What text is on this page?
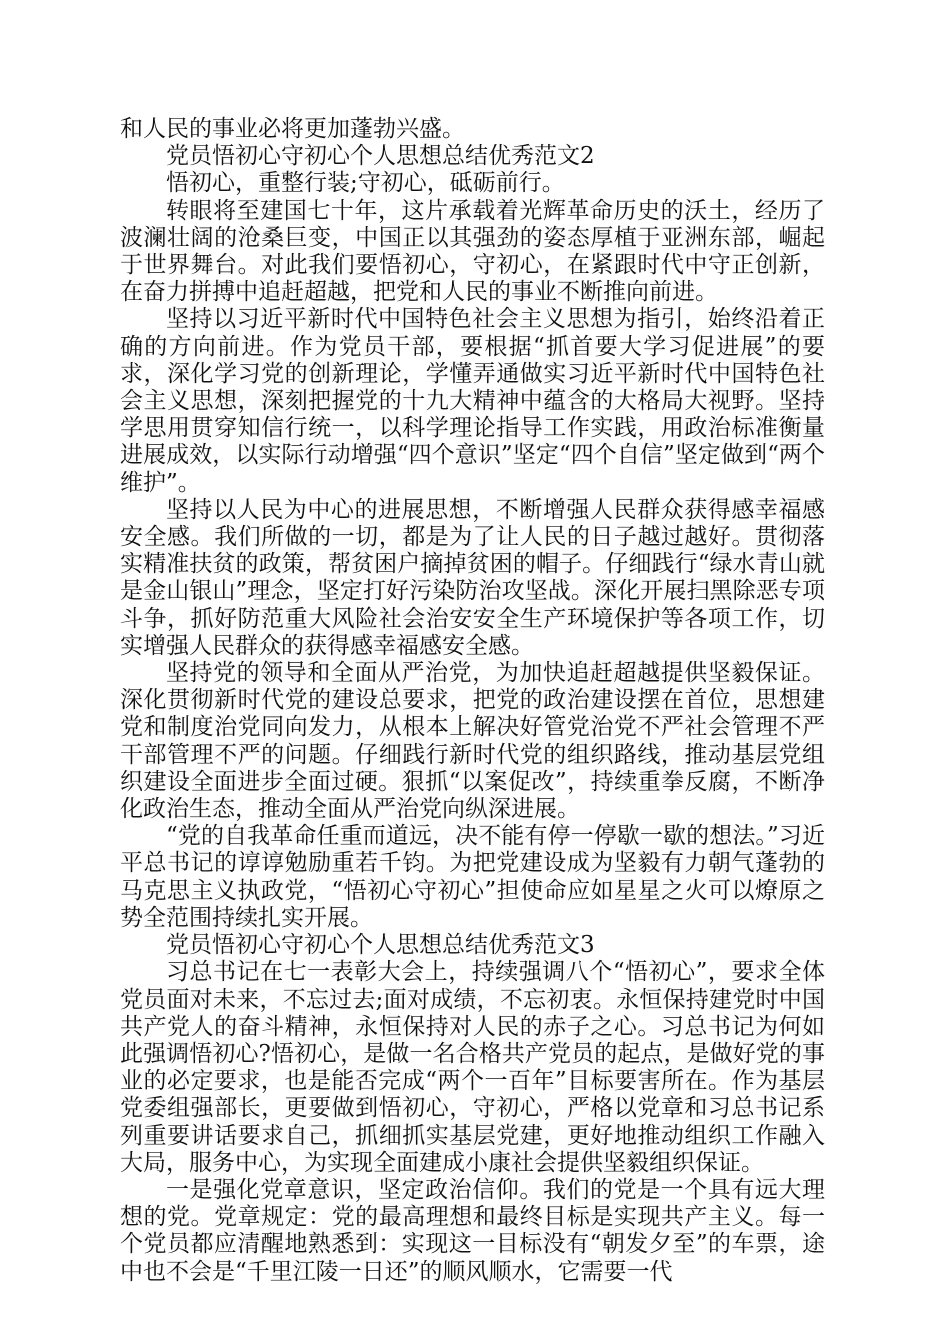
和人民的事业必将更加蓬勃兴盛。

党员悟初心守初心个人思想总结优秀范文2

悟初心，重整行装;守初心，砥砺前行。

转眼将至建国七十年，这片承载着光辉革命历史的沃土，经历了波澜壮阔的沧桑巨变，中国正以其强劲的姿态厚植于亚洲东部，崛起于世界舞台。对此我们要悟初心，守初心，在紧跟时代中守正创新，在奋力拼搏中追赶超越，把党和人民的事业不断推向前进。

坚持以习近平新时代中国特色社会主义思想为指引，始终沿着正确的方向前进。作为党员干部，要根据“抓首要大学习促进展”的要求，深化学习党的创新理论，学懂弄通做实习近平新时代中国特色社会主义思想，深刻把握党的十九大精神中蕴含的大格局大视野。坚持学思用贯穿知信行统一，以科学理论指导工作实践，用政治标准衡量进展成效，以实际行动增强“四个意识”坚定“四个自信”坚定做到“两个维护”。

坚持以人民为中心的进展思想，不断增强人民群众获得感幸福感安全感。我们所做的一切，都是为了让人民的日子越过越好。贯彻落实精准扶贫的政策，帮贫困户摘掉贫困的帽子。仔细践行“绿水青山就是金山银山”理念，坚定打好污染防治攻坚战。深化开展扫黑除恶专项斗争，抓好防范重大风险社会治安安全生产环境保护等各项工作，切实增强人民群众的获得感幸福感安全感。

坚持党的领导和全面从严治党，为加快追赶超越提供坚毅保证。深化贯彻新时代党的建设总要求，把党的政治建设摆在首位，思想建党和制度治党同向发力，从根本上解决好管党治党不严社会管理不严干部管理不严的问题。仔细践行新时代党的组织路线，推动基层党组织建设全面进步全面过硬。狠抓“以案促改”，持续重拳反腐，不断净化政治生态，推动全面从严治党向纵深进展。

“党的自我革命任重而道远，决不能有停一停歇一歇的想法。”习近平总书记的谆谆勉励重若千钧。为把党建设成为坚毅有力朝气蓬勃的马克思主义执政党，“悟初心守初心”担使命应如星星之火可以燎原之势全范围持续扎实开展。

党员悟初心守初心个人思想总结优秀范文3

习总书记在七一表彰大会上，持续强调八个“悟初心”，要求全体党员面对未来，不忘过去;面对成绩，不忘初衷。永恒保持建党时中国共产党人的奋斗精神，永恒保持对人民的赤子之心。习总书记为何如此强调悟初心?悟初心，是做一名合格共产党员的起点，是做好党的事业的必定要求，也是能否完成“两个一百年”目标要害所在。作为基层党委组强部长，更要做到悟初心，守初心，严格以党章和习总书记系列重要讲话要求自己，抓细抓实基层党建，更好地推动组织工作融入大局，服务中心，为实现全面建成小康社会提供坚毅组织保证。

一是强化党章意识，坚定政治信仰。我们的党是一个具有远大理想的党。党章规定：党的最高理想和最终目标是实现共产主义。每一个党员都应清醒地熟悉到：实现这一目标没有“朝发夕至”的车票，途中也不会是“千里江陵一日还”的顺风顺水，它需要一代
